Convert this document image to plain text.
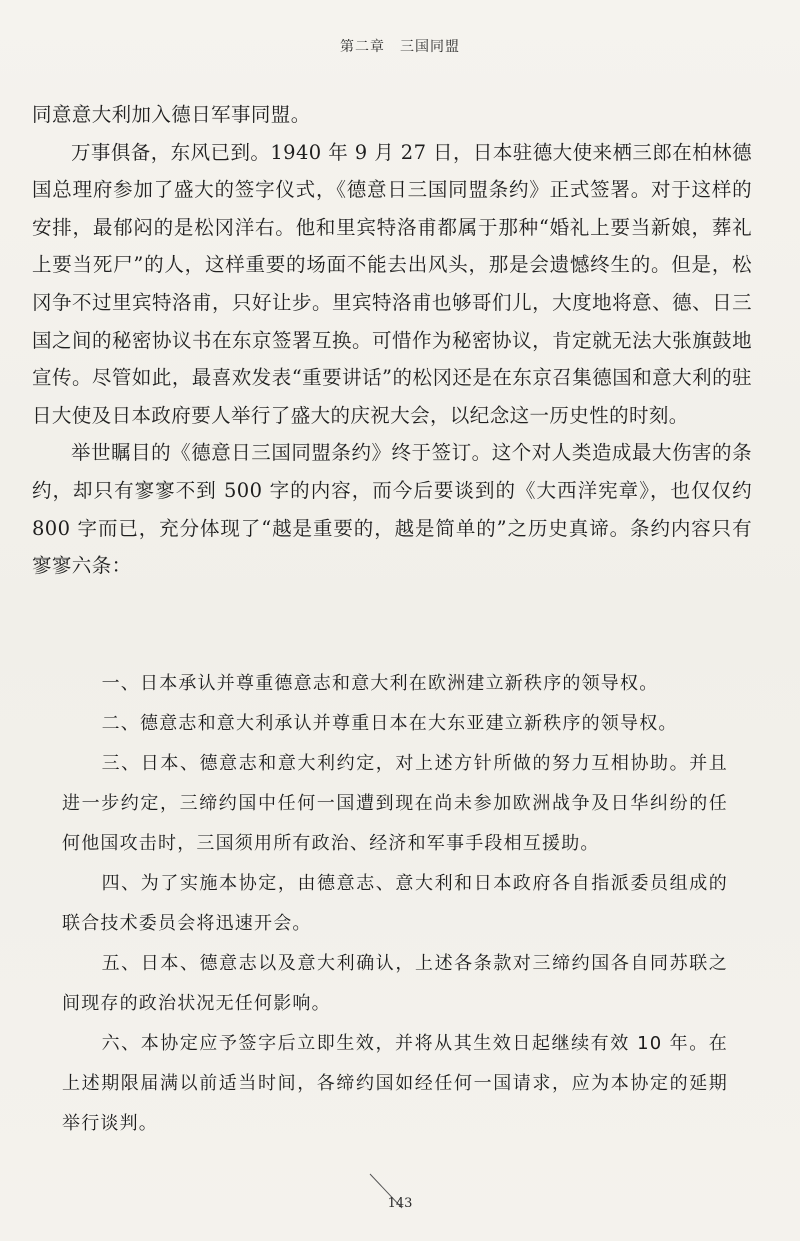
第二章　三国同盟

同意意大利加入德日军事同盟。

万事俱备，东风已到。1940 年 9 月 27 日，日本驻德大使来栖三郎在柏林德国总理府参加了盛大的签字仪式，《德意日三国同盟条约》正式签署。对于这样的安排，最郁闷的是松冈洋右。他和里宾特洛甫都属于那种“婚礼上要当新娘，葬礼上要当死尸”的人，这样重要的场面不能去出风头，那是会遗憾终生的。但是，松冈争不过里宾特洛甫，只好让步。里宾特洛甫也够哥们儿，大度地将意、德、日三国之间的秘密协议书在东京签署互换。可惜作为秘密协议，肯定就无法大张旗鼓地宣传。尽管如此，最喜欢发表“重要讲话”的松冈还是在东京召集德国和意大利的驻日大使及日本政府要人举行了盛大的庆祝大会，以纪念这一历史性的时刻。

举世瞩目的《德意日三国同盟条约》终于签订。这个对人类造成最大伤害的条约，却只有寥寥不到 500 字的内容，而今后要谈到的《大西洋宪章》，也仅仅约 800 字而已，充分体现了“越是重要的，越是简单的”之历史真谛。条约内容只有寥寥六条：

一、日本承认并尊重德意志和意大利在欧洲建立新秩序的领导权。

二、德意志和意大利承认并尊重日本在大东亚建立新秩序的领导权。

三、日本、德意志和意大利约定，对上述方针所做的努力互相协助。并且进一步约定，三缔约国中任何一国遭到现在尚未参加欧洲战争及日华纠纷的任何他国攻击时，三国须用所有政治、经济和军事手段相互援助。

四、为了实施本协定，由德意志、意大利和日本政府各自指派委员组成的联合技术委员会将迅速开会。

五、日本、德意志以及意大利确认，上述各条款对三缔约国各自同苏联之间现存的政治状况无任何影响。

六、本协定应予签字后立即生效，并将从其生效日起继续有效 10 年。在上述期限届满以前适当时间，各缔约国如经任何一国请求，应为本协定的延期举行谈判。

143
